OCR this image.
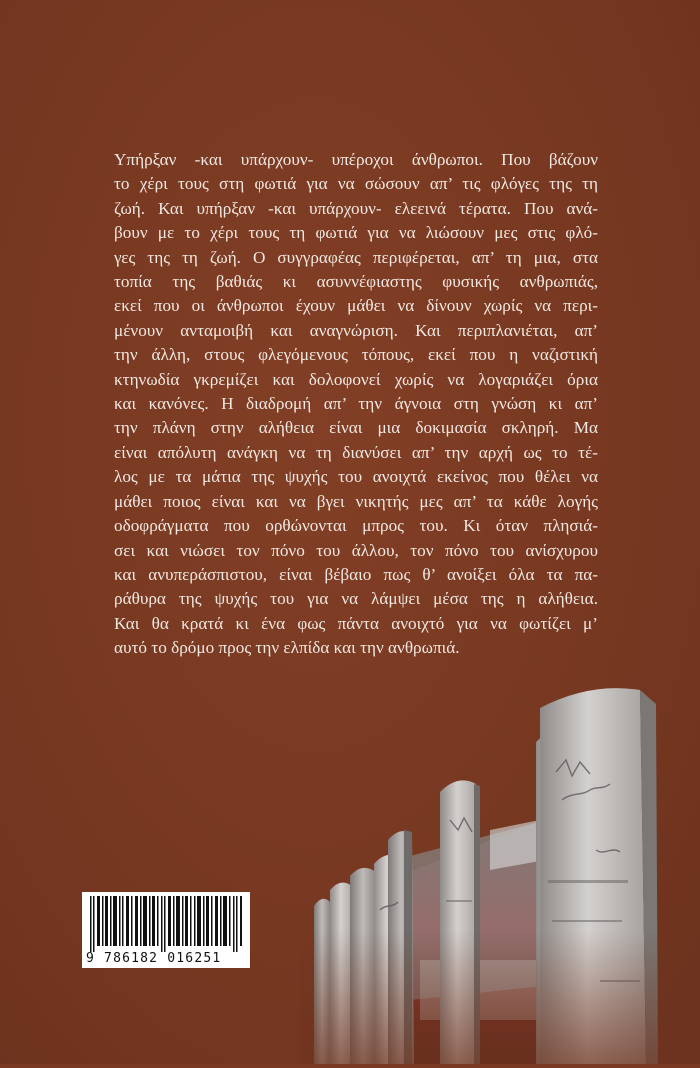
Υπήρξαν -και υπάρχουν- υπέροχοι άνθρωποι. Που βάζουν
το χέρι τους στη φωτιά για να σώσουν απ’ τις φλόγες της τη
ζωή. Και υπήρξαν -και υπάρχουν- ελεεινά τέρατα. Που ανά-
βουν με το χέρι τους τη φωτιά για να λιώσουν μες στις φλό-
γες της τη ζωή. Ο συγγραφέας περιφέρεται, απ’ τη μια, στα
τοπία της βαθιάς κι ασυννέφιαστης φυσικής ανθρωπιάς,
εκεί που οι άνθρωποι έχουν μάθει να δίνουν χωρίς να περι-
μένουν ανταμοιβή και αναγνώριση. Και περιπλανιέται, απ’
την άλλη, στους φλεγόμενους τόπους, εκεί που η ναζιστική
κτηνωδία γκρεμίζει και δολοφονεί χωρίς να λογαριάζει όρια
και κανόνες. Η διαδρομή απ’ την άγνοια στη γνώση κι απ’
την πλάνη στην αλήθεια είναι μια δοκιμασία σκληρή. Μα
είναι απόλυτη ανάγκη να τη διανύσει απ’ την αρχή ως το τέ-
λος με τα μάτια της ψυχής του ανοιχτά εκείνος που θέλει να
μάθει ποιος είναι και να βγει νικητής μες απ’ τα κάθε λογής
οδοφράγματα που ορθώνονται μπρος του. Κι όταν πλησιά-
σει και νιώσει τον πόνο του άλλου, τον πόνο του ανίσχυρου
και ανυπεράσπιστου, είναι βέβαιο πως θ’ ανοίξει όλα τα πα-
ράθυρα της ψυχής του για να λάμψει μέσα της η αλήθεια.
Και θα κρατά κι ένα φως πάντα ανοιχτό για να φωτίζει μ’
αυτό το δρόμο προς την ελπίδα και την ανθρωπιά.
9 786182 016251
